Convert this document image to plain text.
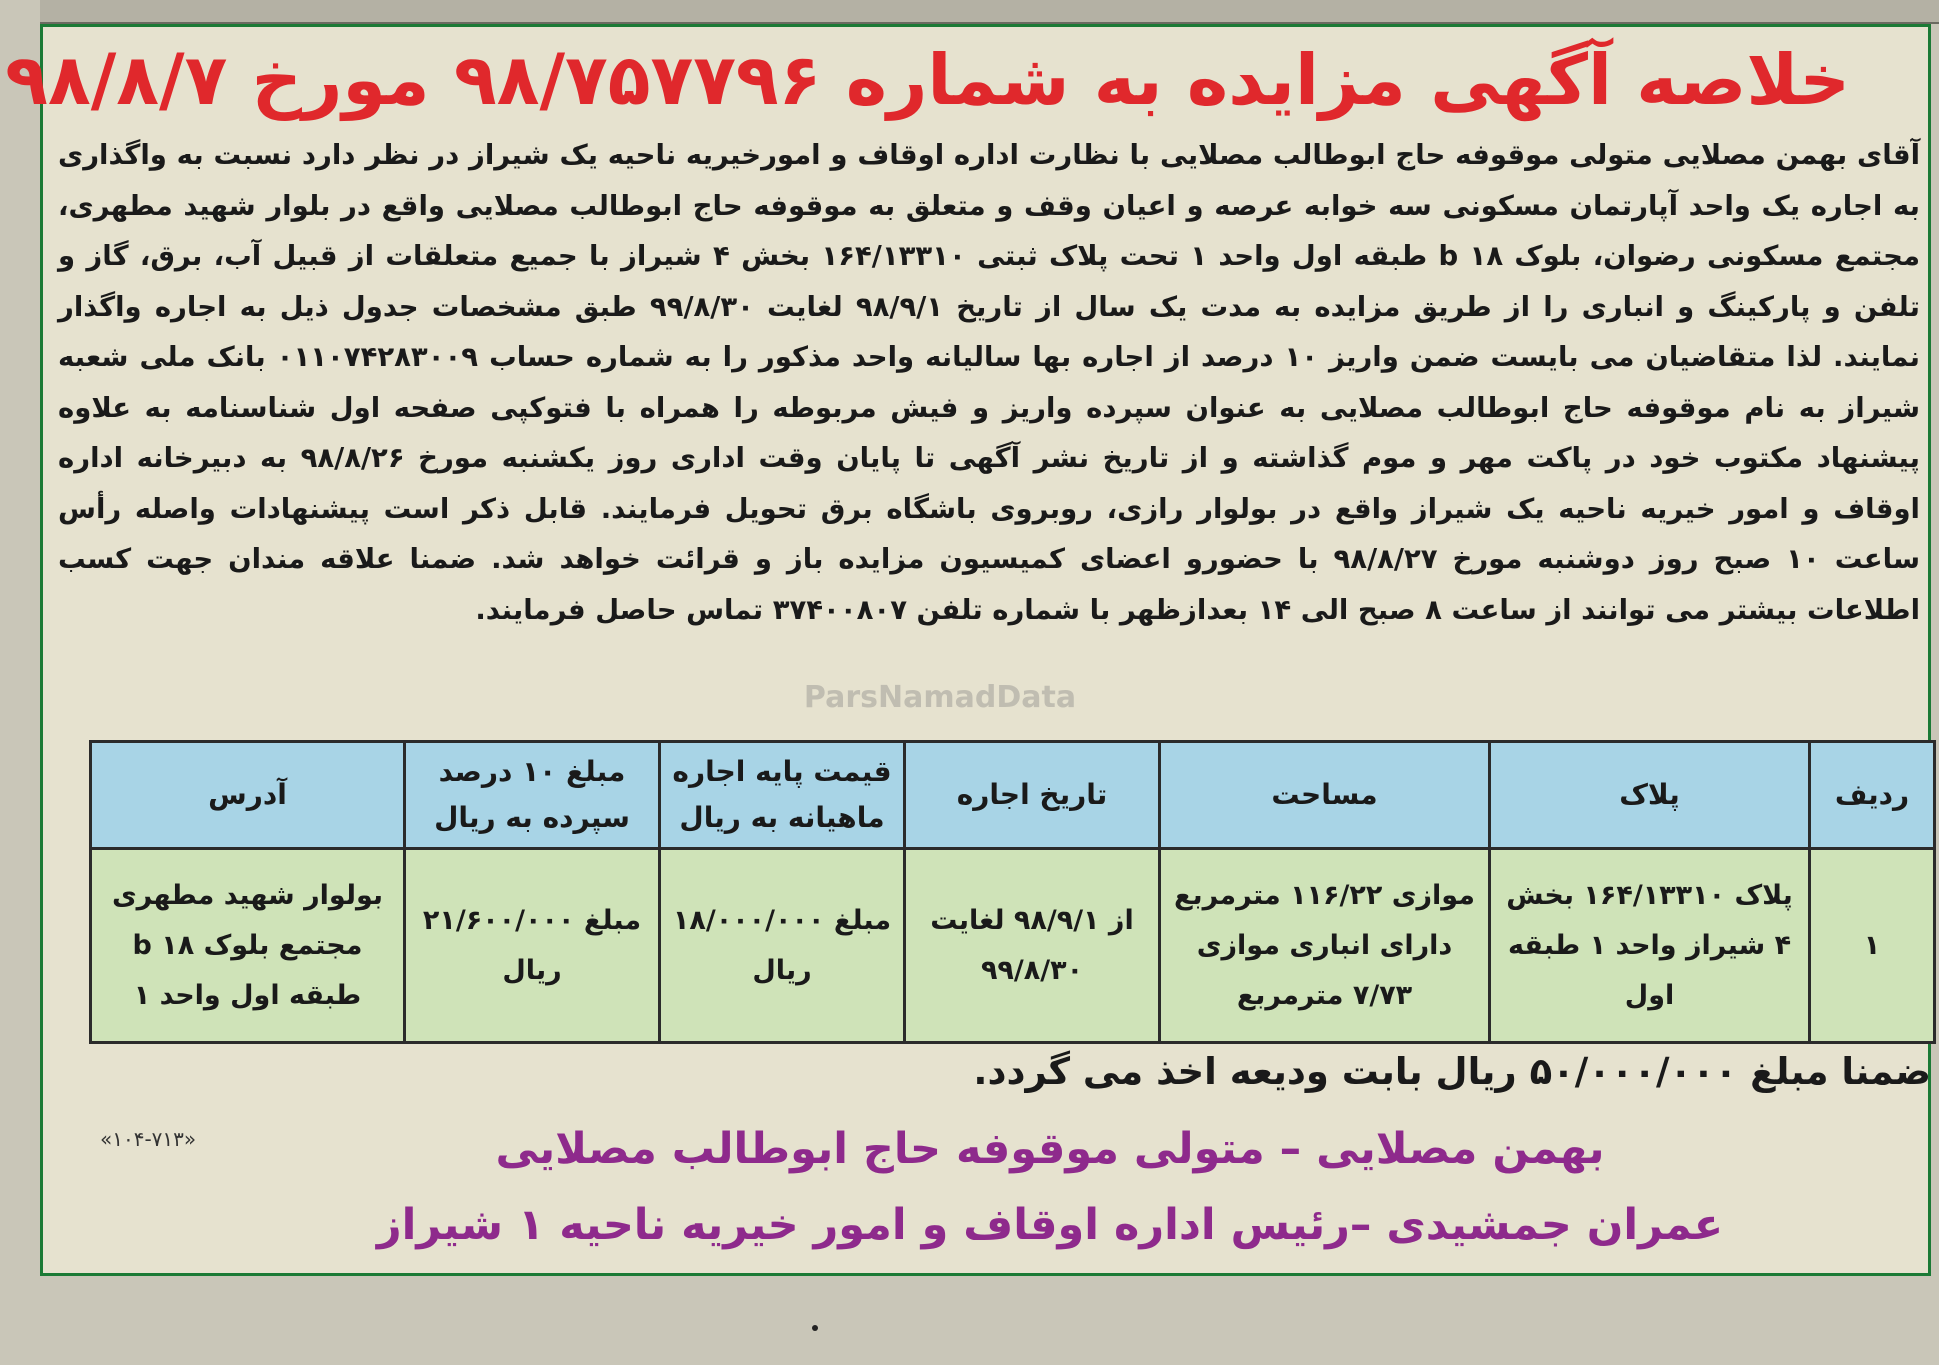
خلاصه آگهی مزایده به شماره ۹۸/۷۵۷۷۹۶ مورخ ۹۸/۸/۷

آقای بهمن مصلایی متولی موقوفه حاج ابوطالب مصلایی با نظارت اداره اوقاف و امورخیریه ناحیه یک شیراز در نظر دارد نسبت به واگذاری به اجاره یک واحد آپارتمان مسکونی سه خوابه عرصه و اعیان وقف و متعلق به موقوفه حاج ابوطالب مصلایی واقع در بلوار شهید مطهری، مجتمع مسکونی رضوان، بلوک b ۱۸ طبقه اول واحد ۱ تحت پلاک ثبتی ۱۶۴/۱۳۳۱۰ بخش ۴ شیراز با جمیع متعلقات از قبیل آب، برق، گاز و تلفن و پارکینگ و انباری را از طریق مزایده به مدت یک سال از تاریخ ۹۸/۹/۱ لغایت ۹۹/۸/۳۰ طبق مشخصات جدول ذیل به اجاره واگذار نمایند. لذا متقاضیان می بایست ضمن واریز ۱۰ درصد از اجاره بها سالیانه واحد مذکور را به شماره حساب ۰۱۱۰۷۴۲۸۳۰۰۹ بانک ملی شعبه شیراز به نام موقوفه حاج ابوطالب مصلایی به عنوان سپرده واریز و فیش مربوطه را همراه با فتوکپی صفحه اول شناسنامه به علاوه پیشنهاد مکتوب خود در پاکت مهر و موم گذاشته و از تاریخ نشر آگهی تا پایان وقت اداری روز یکشنبه مورخ ۹۸/۸/۲۶ به دبیرخانه اداره اوقاف و امور خیریه ناحیه یک شیراز واقع در بولوار رازی، روبروی باشگاه برق تحویل فرمایند. قابل ذکر است پیشنهادات واصله رأس ساعت ۱۰ صبح روز دوشنبه مورخ ۹۸/۸/۲۷ با حضورو اعضای کمیسیون مزایده باز و قرائت خواهد شد. ضمنا علاقه مندان جهت کسب اطلاعات بیشتر می توانند از ساعت ۸ صبح الی ۱۴ بعدازظهر با شماره تلفن ۳۷۴۰۰۸۰۷ تماس حاصل فرمایند.

ParsNamadData
ردیف	پلاک	مساحت	تاریخ اجاره	قیمت پایه اجاره ماهیانه به ریال	مبلغ ۱۰ درصد سپرده به ریال	آدرس
۱	پلاک ۱۶۴/۱۳۳۱۰ بخش ۴ شیراز واحد ۱ طبقه اول	موازی ۱۱۶/۲۲ مترمربع دارای انباری موازی ۷/۷۳ مترمربع	از ۹۸/۹/۱ لغایت ۹۹/۸/۳۰	مبلغ ۱۸/۰۰۰/۰۰۰ ریال	مبلغ ۲۱/۶۰۰/۰۰۰ ریال	بولوار شهید مطهری مجتمع بلوک b ۱۸ طبقه اول واحد ۱

ضمنا مبلغ ۵۰/۰۰۰/۰۰۰ ریال بابت ودیعه اخذ می گردد.

«۱۰۴-۷۱۳»	بهمن مصلایی – متولی موقوفه حاج ابوطالب مصلایی

عمران جمشیدی –رئیس اداره اوقاف و امور خیریه ناحیه ۱ شیراز
